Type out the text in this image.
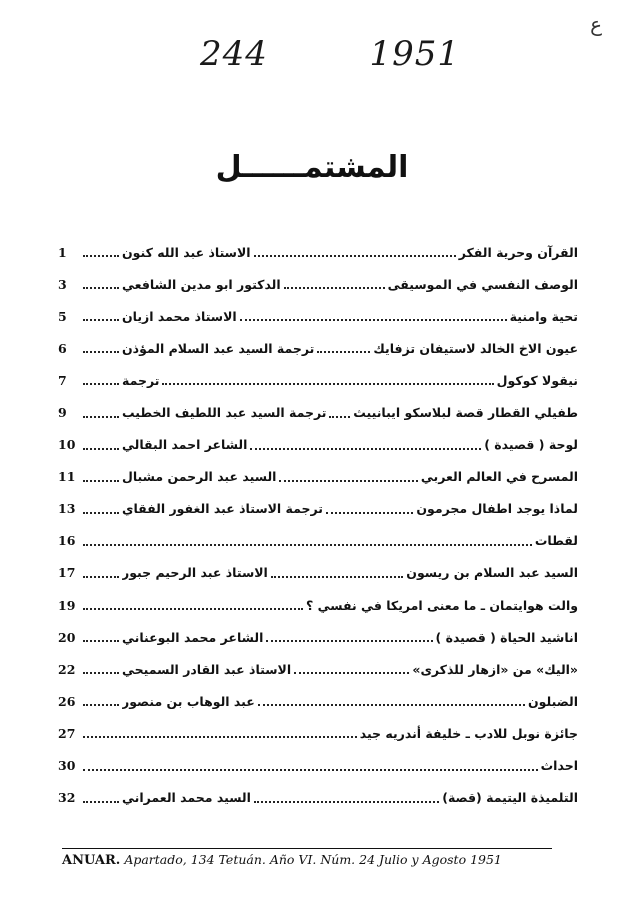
ع
244	1951
المشتمــــــل
القرآن وحرية الفكر
الاستاذ عبد الله كنون
1
الوصف النفسي في الموسيقى
الدكتور ابو مدين الشافعي
3
تحية وامنية
الاستاذ محمد ازيان
5
عيون الاخ الخالد لاستيفان تزفايك
ترجمة السيد عبد السلام المؤذن
6
نيقولا كوكول
ترجمة
7
طفيلي القطار قصة لبلاسكو ايبانييث
ترجمة السيد عبد اللطيف الخطيب
9
لوحة ( قصيدة )
الشاعر احمد البقالي
10
المسرح في العالم العربي
السيد عبد الرحمن مشبال
11
لماذا يوجد اطفال مجرمون
ترجمة الاستاذ عبد الغفور الفقاي
13
لقطات
16
السيد عبد السلام بن ريسون
الاستاذ عبد الرحيم جبور
17
والت هوايتمان ـ ما معنى امريكا في نفسي ؟
19
اناشيد الحياة ( قصيدة )
الشاعر محمد البوعناني
20
«اليك» من «ازهار للذكرى»
الاستاذ عبد القادر السميحي
22
الضبلون
عبد الوهاب بن منصور
26
جائزة نوبل للادب ـ خليفة أندريه جيد
27
احداث
30
التلميذة اليتيمة (قصة)
السيد محمد العمراني
32
ANUAR. Apartado, 134 Tetuán. Año VI. Núm. 24 Julio y Agosto 1951
